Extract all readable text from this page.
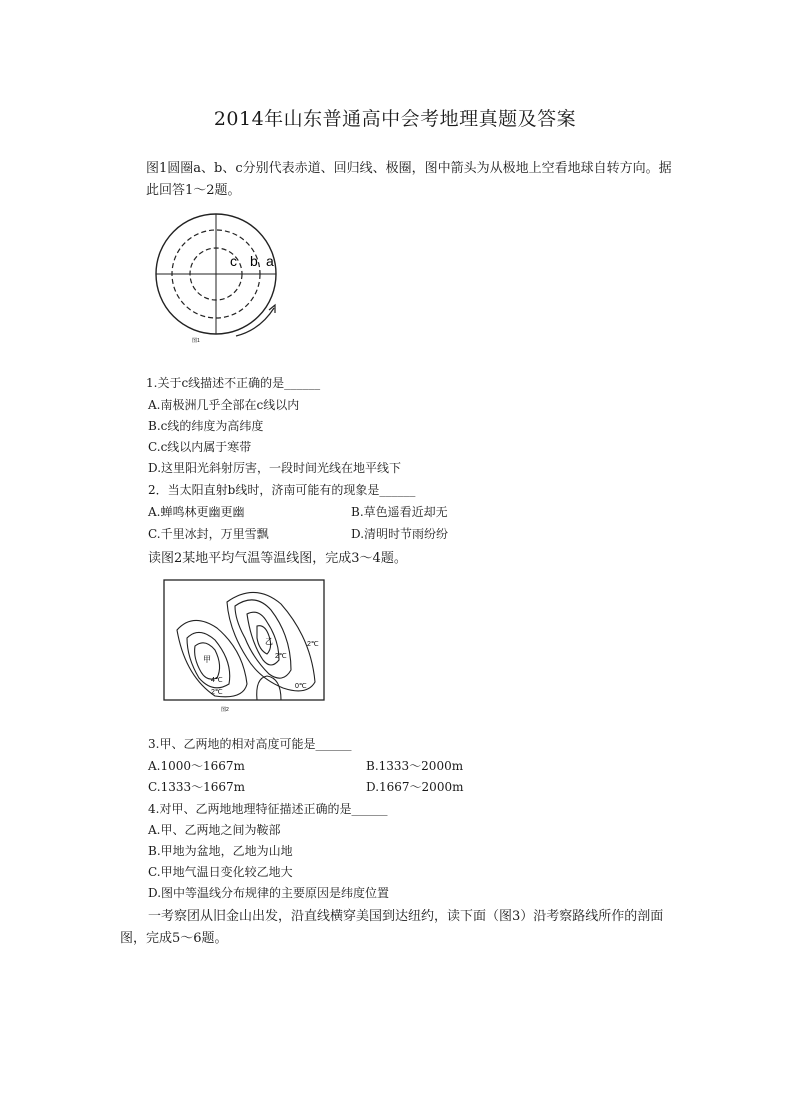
2014年山东普通高中会考地理真题及答案
图1圆圈a、b、c分别代表赤道、回归线、极圈，图中箭头为从极地上空看地球自转方向。据此回答1～2题。
c b a
图1
1.关于c线描述不正确的是______
A.南极洲几乎全部在c线以内
B.c线的纬度为高纬度
C.c线以内属于寒带
D.这里阳光斜射厉害，一段时间光线在地平线下
2．当太阳直射b线时，济南可能有的现象是______
A.蝉鸣林更幽更幽	B.草色遥看近却无
C.千里冰封，万里雪飘	D.清明时节雨纷纷
读图2某地平均气温等温线图，完成3～4题。
甲
乙
4℃
2℃
2℃
0℃
2℃
图2
3.甲、乙两地的相对高度可能是______
A.1000～1667m	B.1333～2000m
C.1333～1667m	D.1667～2000m
4.对甲、乙两地地理特征描述正确的是______
A.甲、乙两地之间为鞍部
B.甲地为盆地，乙地为山地
C.甲地气温日变化较乙地大
D.图中等温线分布规律的主要原因是纬度位置
一考察团从旧金山出发，沿直线横穿美国到达纽约，读下面（图3）沿考察路线所作的剖面图，完成5～6题。
